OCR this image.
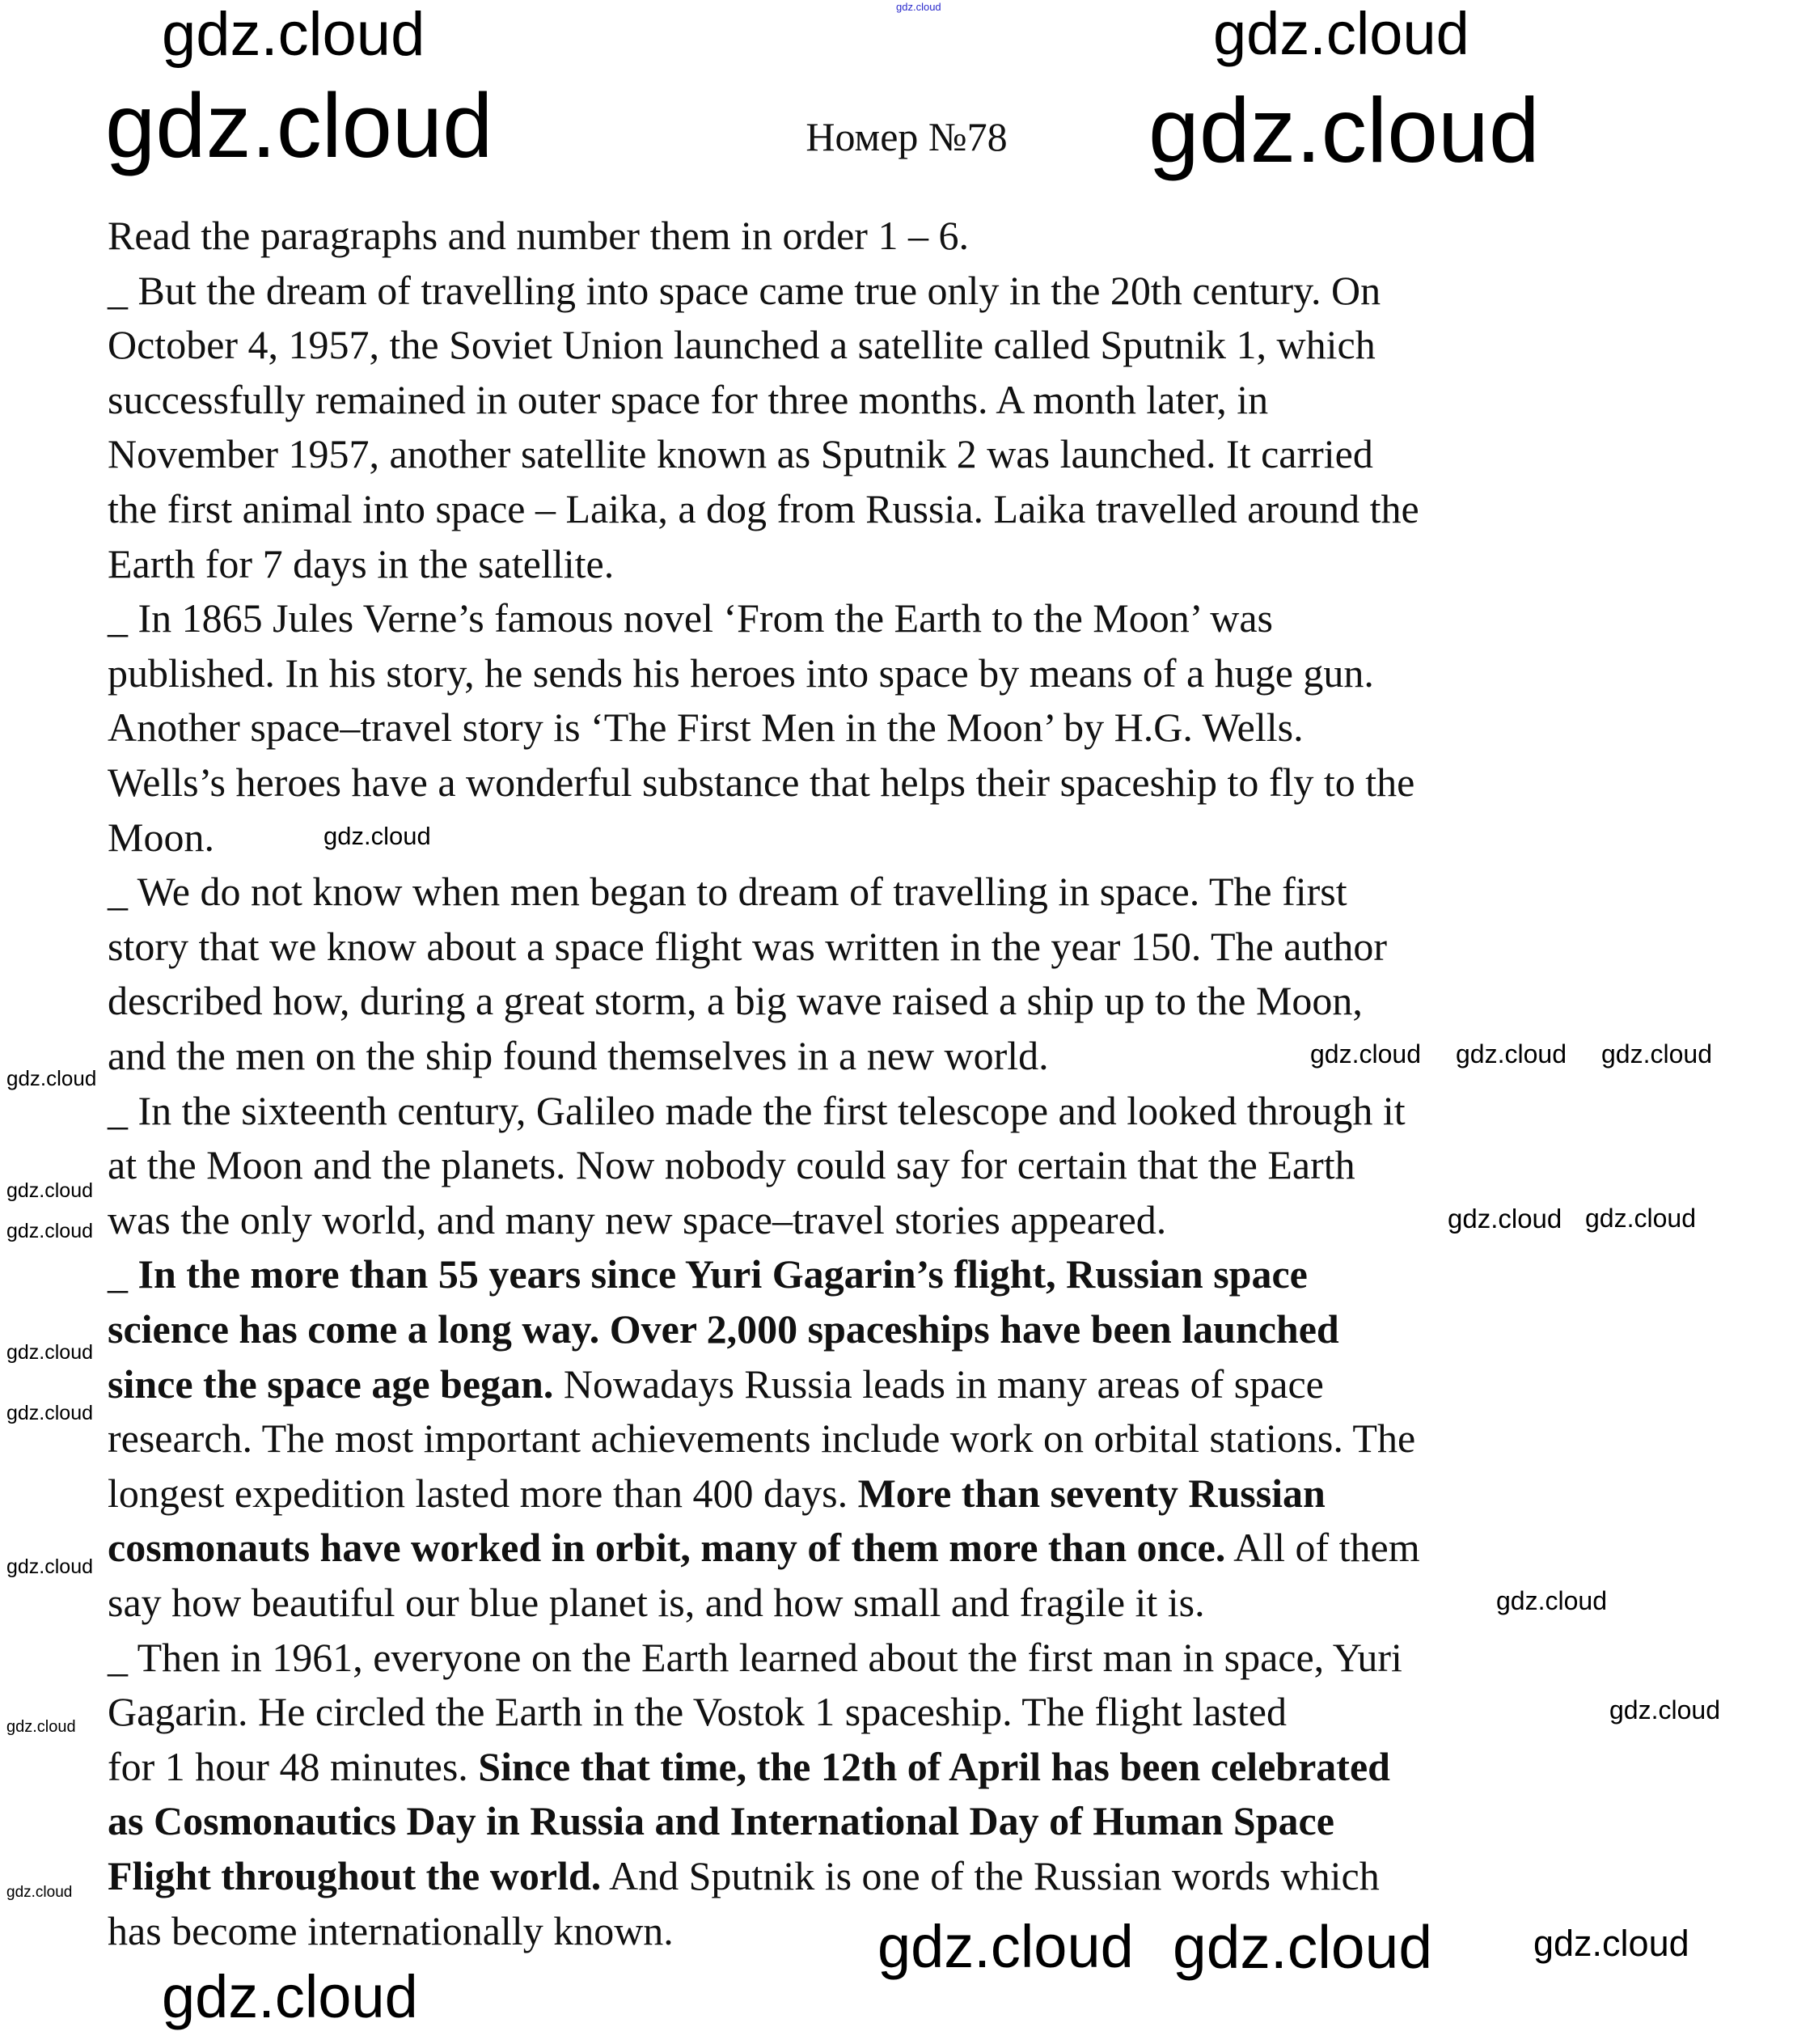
Номер №78
Read the paragraphs and number them in order 1 – 6.
_ But the dream of travelling into space came true only in the 20th century. On
October 4, 1957, the Soviet Union launched a satellite called Sputnik 1, which
successfully remained in outer space for three months. A month later, in
November 1957, another satellite known as Sputnik 2 was launched. It carried
the first animal into space – Laika, a dog from Russia. Laika travelled around the
Earth for 7 days in the satellite.
_ In 1865 Jules Verne’s famous novel ‘From the Earth to the Moon’ was
published. In his story, he sends his heroes into space by means of a huge gun.
Another space–travel story is ‘The First Men in the Moon’ by H.G. Wells.
Wells’s heroes have a wonderful substance that helps their spaceship to fly to the
Moon.
_ We do not know when men began to dream of travelling in space. The first
story that we know about a space flight was written in the year 150. The author
described how, during a great storm, a big wave raised a ship up to the Moon,
and the men on the ship found themselves in a new world.
_ In the sixteenth century, Galileo made the first telescope and looked through it
at the Moon and the planets. Now nobody could say for certain that the Earth
was the only world, and many new space–travel stories appeared.
_ In the more than 55 years since Yuri Gagarin’s flight, Russian space
science has come a long way. Over 2,000 spaceships have been launched
since the space age began. Nowadays Russia leads in many areas of space
research. The most important achievements include work on orbital stations. The
longest expedition lasted more than 400 days. More than seventy Russian
cosmonauts have worked in orbit, many of them more than once. All of them
say how beautiful our blue planet is, and how small and fragile it is.
_ Then in 1961, everyone on the Earth learned about the first man in space, Yuri
Gagarin. He circled the Earth in the Vostok 1 spaceship. The flight lasted
for 1 hour 48 minutes. Since that time, the 12th of April has been celebrated
as Cosmonautics Day in Russia and International Day of Human Space
Flight throughout the world. And Sputnik is one of the Russian words which
has become internationally known.
gdz.cloud
gdz.cloud	gdz.cloud
gdz.cloud	gdz.cloud
gdz.cloud
gdz.cloud
gdz.cloud
gdz.cloud	gdz.cloud gdz.cloud
gdz.cloud gdz.cloud gdz.cloud
gdz.cloud
gdz.cloud
gdz.cloud
gdz.cloud
gdz.cloud
gdz.cloud
gdz.cloud
gdz.cloud gdz.cloud	gdz.cloud
gdz.cloud
